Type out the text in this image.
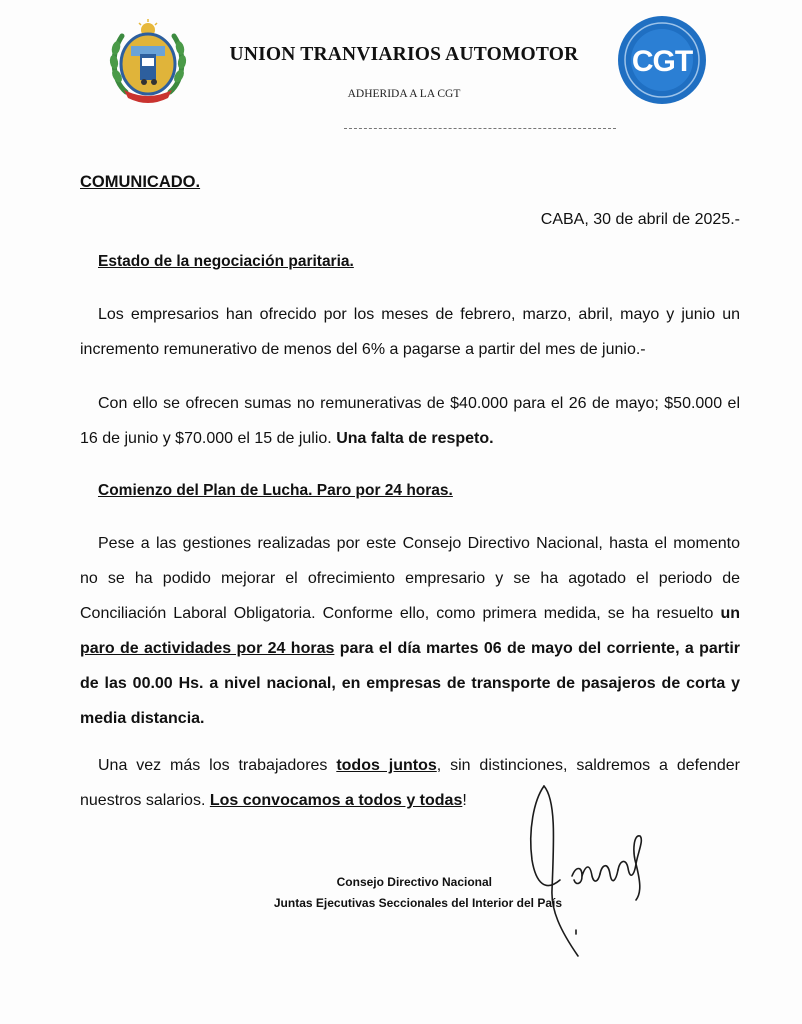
UNION TRANVIARIOS AUTOMOTOR
ADHERIDA A LA CGT
CGT
COMUNICADO.
CABA, 30 de abril de 2025.-
Estado de la negociación paritaria.
Los empresarios han ofrecido por los meses de febrero, marzo, abril, mayo y junio un incremento remunerativo de menos del 6% a pagarse a partir del mes de junio.-
Con ello se ofrecen sumas no remunerativas de $40.000 para el 26 de mayo; $50.000 el 16 de junio y $70.000 el 15 de julio. Una falta de respeto.
Comienzo del Plan de Lucha. Paro por 24 horas.
Pese a las gestiones realizadas por este Consejo Directivo Nacional, hasta el momento no se ha podido mejorar el ofrecimiento empresario y se ha agotado el periodo de Conciliación Laboral Obligatoria. Conforme ello, como primera medida, se ha resuelto un paro de actividades por 24 horas para el día martes 06 de mayo del corriente, a partir de las 00.00 Hs. a nivel nacional, en empresas de transporte de pasajeros de corta y media distancia.
Una vez más los trabajadores todos juntos, sin distinciones, saldremos a defender nuestros salarios. Los convocamos a todos y todas!
Consejo Directivo Nacional
Juntas Ejecutivas Seccionales del Interior del País
